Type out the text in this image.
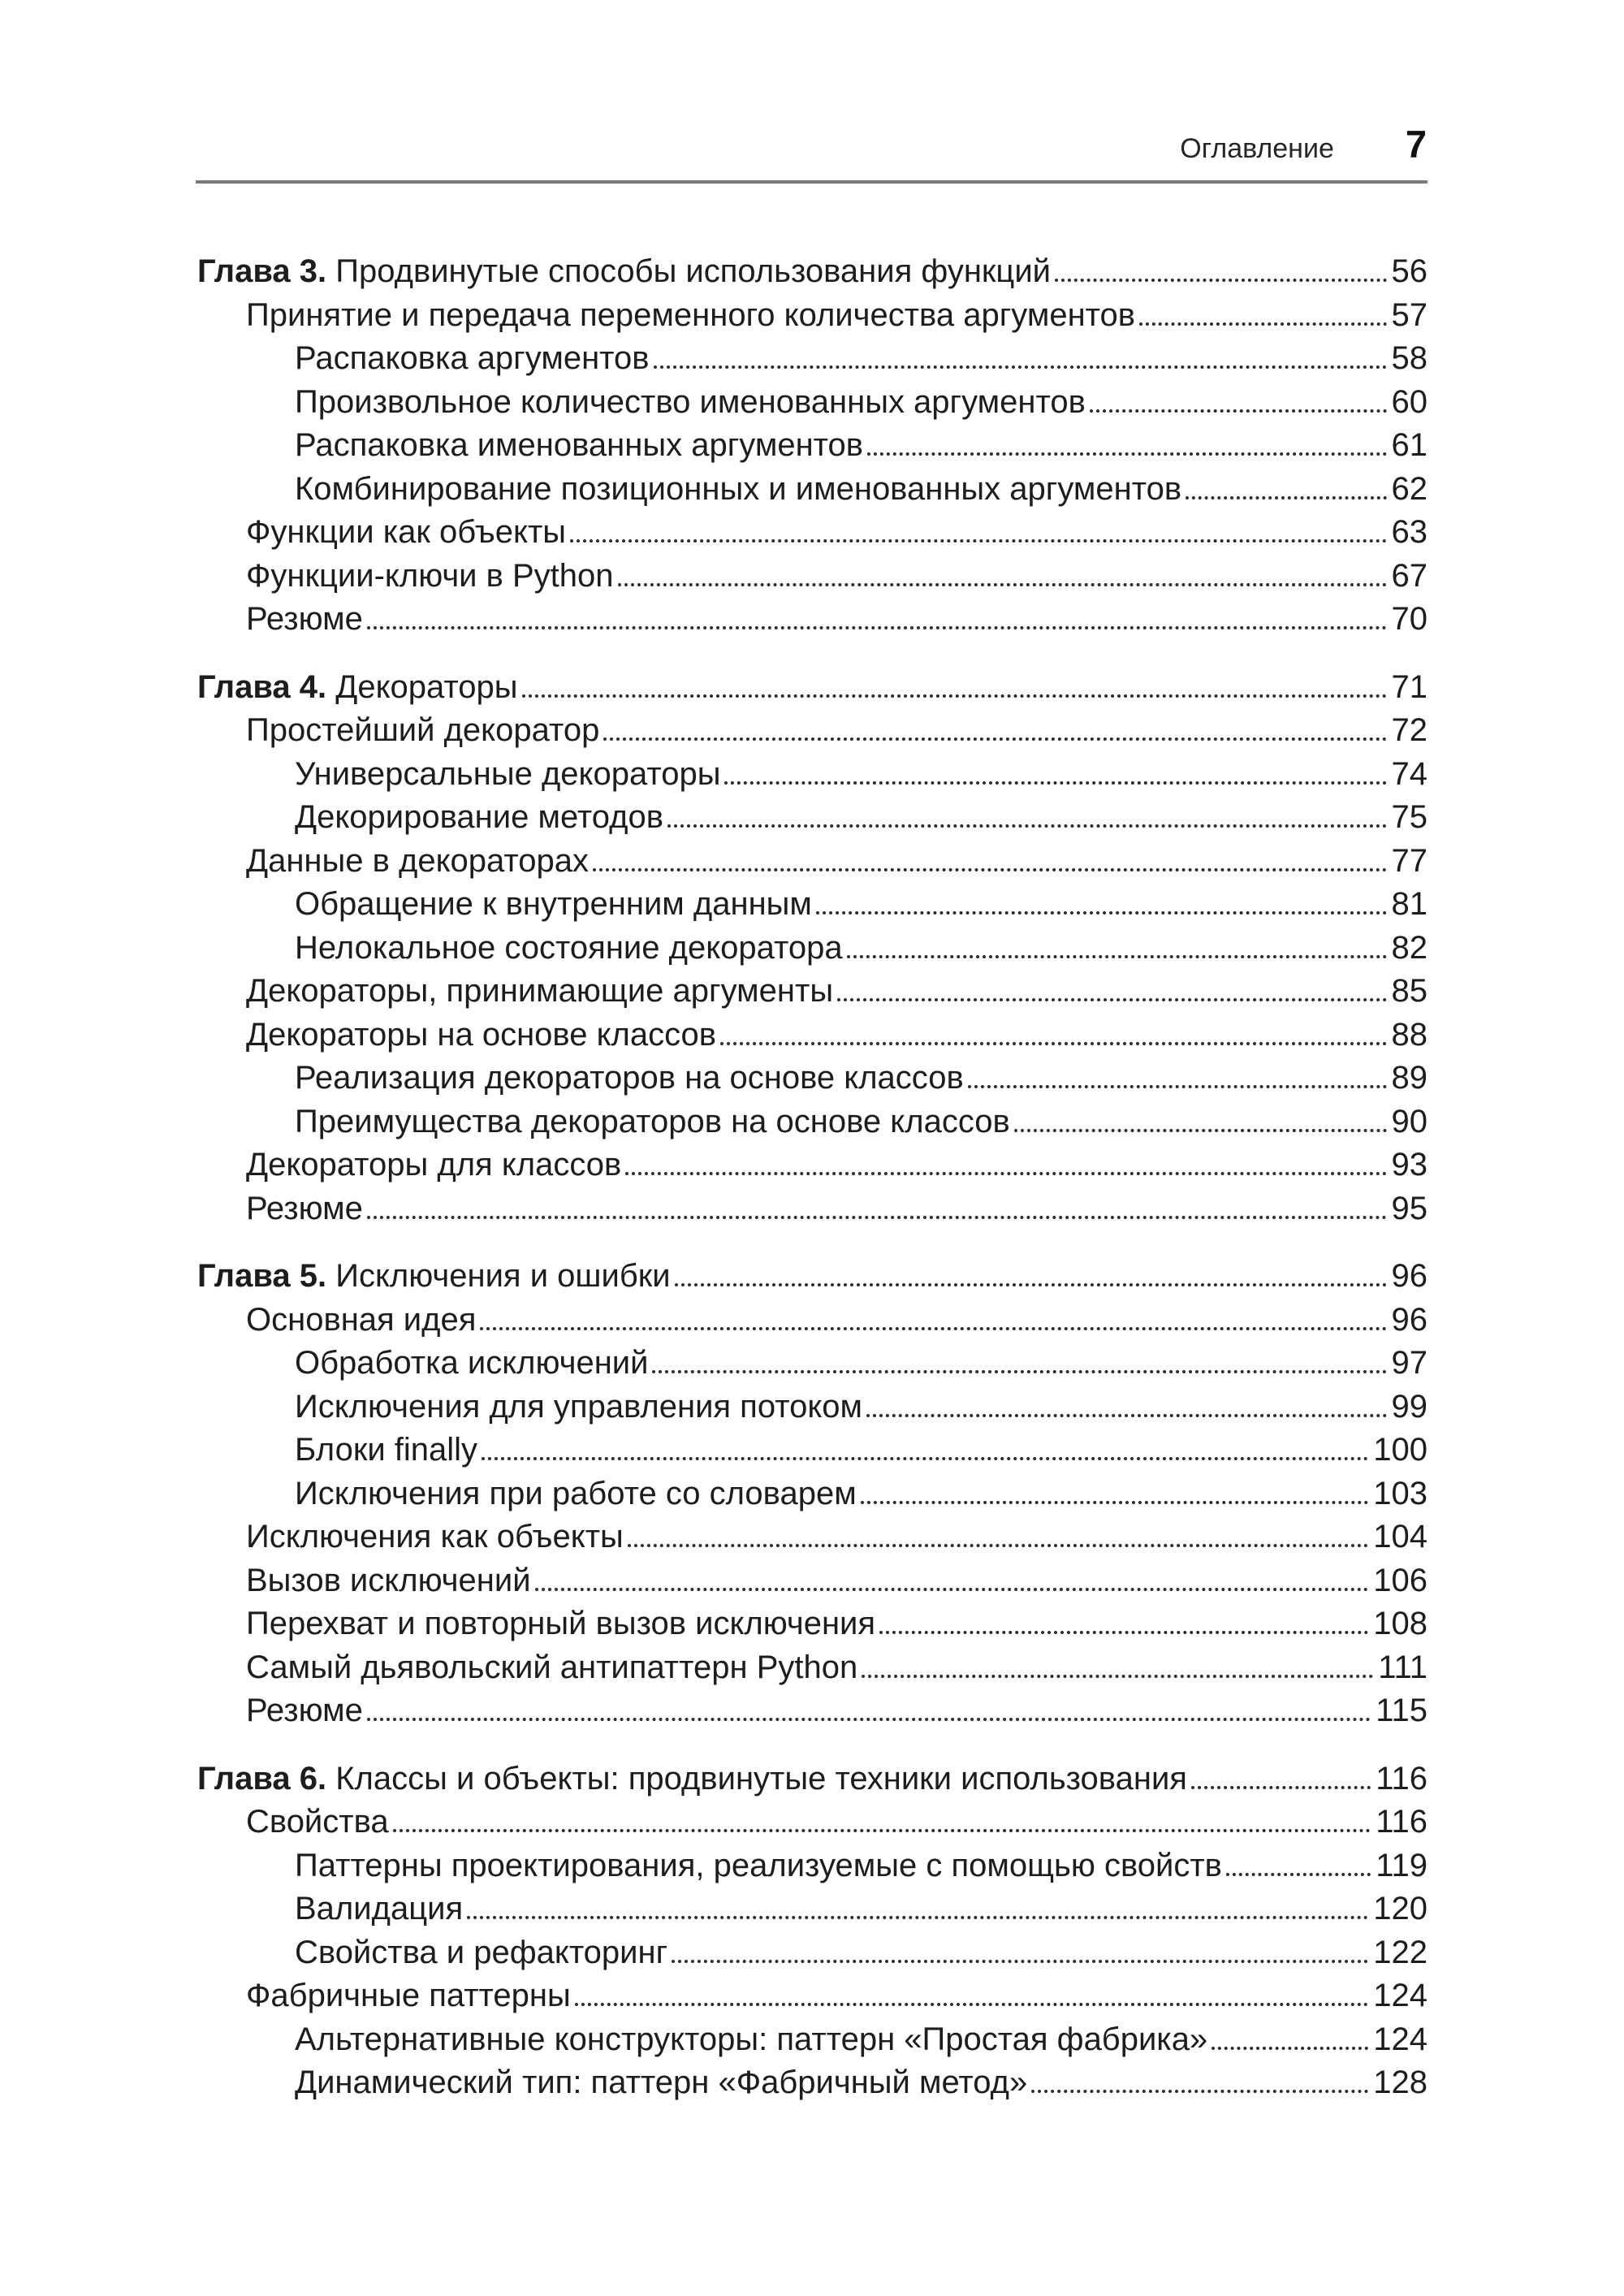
Оглавление 7
Глава 3. Продвинутые способы использования функций	56
Принятие и передача переменного количества аргументов	57
Распаковка аргументов	58
Произвольное количество именованных аргументов	60
Распаковка именованных аргументов	61
Комбинирование позиционных и именованных аргументов	62
Функции как объекты	63
Функции-ключи в Python	67
Резюме	70
Глава 4. Декораторы	71
Простейший декоратор	72
Универсальные декораторы	74
Декорирование методов	75
Данные в декораторах	77
Обращение к внутренним данным	81
Нелокальное состояние декоратора	82
Декораторы, принимающие аргументы	85
Декораторы на основе классов	88
Реализация декораторов на основе классов	89
Преимущества декораторов на основе классов	90
Декораторы для классов	93
Резюме	95
Глава 5. Исключения и ошибки	96
Основная идея	96
Обработка исключений	97
Исключения для управления потоком	99
Блоки finally	100
Исключения при работе со словарем	103
Исключения как объекты	104
Вызов исключений	106
Перехват и повторный вызов исключения	108
Самый дьявольский антипаттерн Python	111
Резюме	115
Глава 6. Классы и объекты: продвинутые техники использования	116
Свойства	116
Паттерны проектирования, реализуемые с помощью свойств	119
Валидация	120
Свойства и рефакторинг	122
Фабричные паттерны	124
Альтернативные конструкторы: паттерн «Простая фабрика»	124
Динамический тип: паттерн «Фабричный метод»	128
